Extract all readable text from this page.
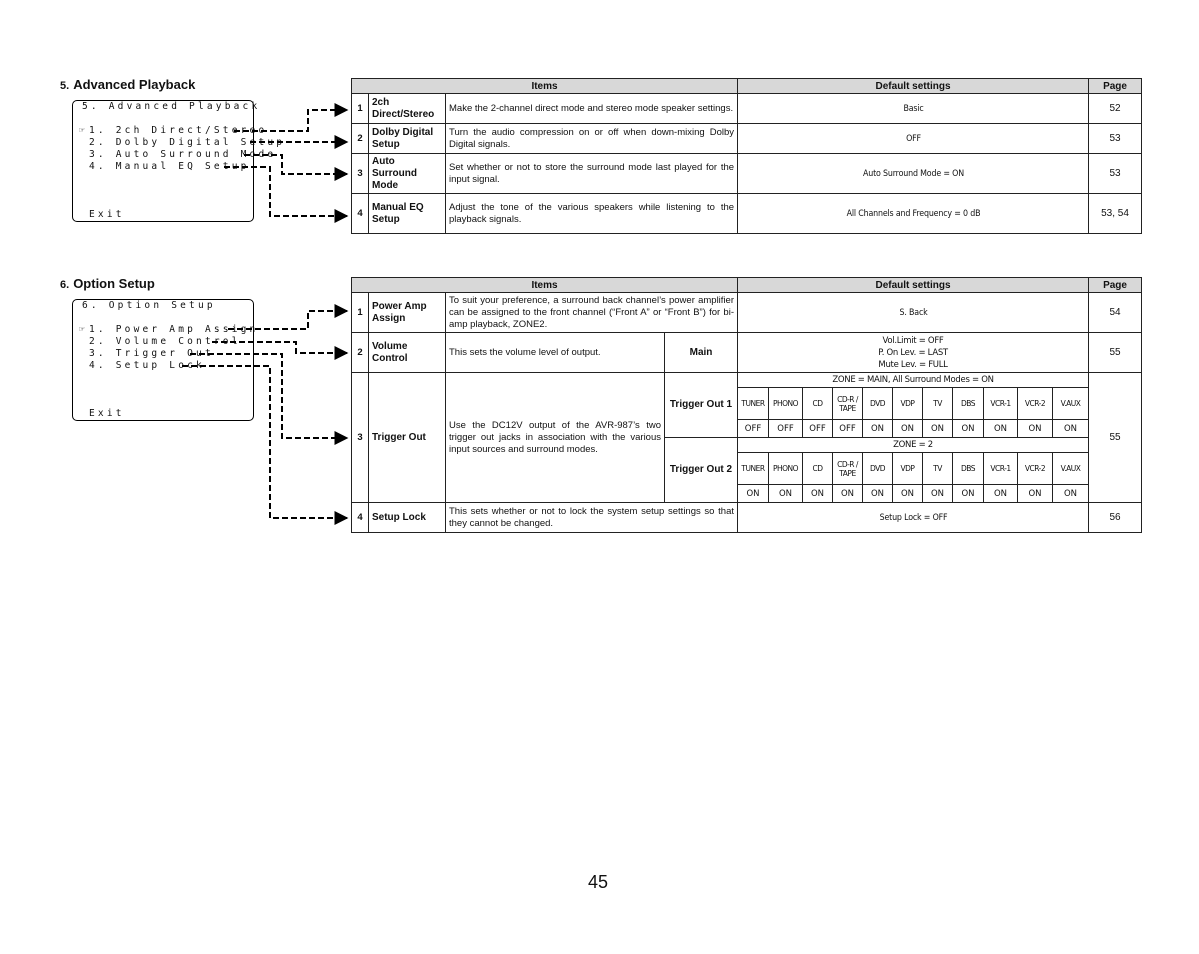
5. Advanced Playback
5. Advanced Playback
☞ 1. 2ch Direct/Stereo
2. Dolby Digital Setup
3. Auto Surround Mode
4. Manual EQ Setup
Exit
Items			Default settings	Page
1	2ch Direct/Stereo	Make the 2-channel direct mode and stereo mode speaker settings.	Basic	52
2	Dolby Digital Setup	Turn the audio compression on or off when down-mixing Dolby Digital signals.	OFF	53
3	Auto Surround Mode	Set whether or not to store the surround mode last played for the input signal.	Auto Surround Mode = ON	53
4	Manual EQ Setup	Adjust the tone of the various speakers while listening to the playback signals.	All Channels and Frequency = 0 dB	53, 54
6. Option Setup
6. Option Setup
☞ 1. Power Amp Assign
2. Volume Control
3. Trigger Out
4. Setup Lock
Exit
Items				Default settings											Page
1	Power Amp Assign	To suit your preference, a surround back channel’s power amplifier can be assigned to the front channel (“Front A” or “Front B”) for bi-amp playback, ZONE2.		S. Back											54
2	Volume Control	This sets the volume level of output.	Main	Vol.Limit = OFF
P. On Lev. = LAST
Mute Lev. = FULL											55
3	Trigger Out	Use the DC12V output of the AVR-987’s two trigger out jacks in association with the various input sources and surround modes.	Trigger Out 1	ZONE = MAIN, All Surround Modes = ON											55
				TUNER	PHONO	CD	CD-R / TAPE	DVD	VDP	TV	DBS	VCR-1	VCR-2	V.AUX	
				OFF	OFF	OFF	OFF	ON	ON	ON	ON	ON	ON	ON	
			Trigger Out 2	ZONE = 2											
				TUNER	PHONO	CD	CD-R / TAPE	DVD	VDP	TV	DBS	VCR-1	VCR-2	V.AUX	
				ON	ON	ON	ON	ON	ON	ON	ON	ON	ON	ON	
4	Setup Lock	This sets whether or not to lock the system setup settings so that they cannot be changed.		Setup Lock = OFF											56
45
